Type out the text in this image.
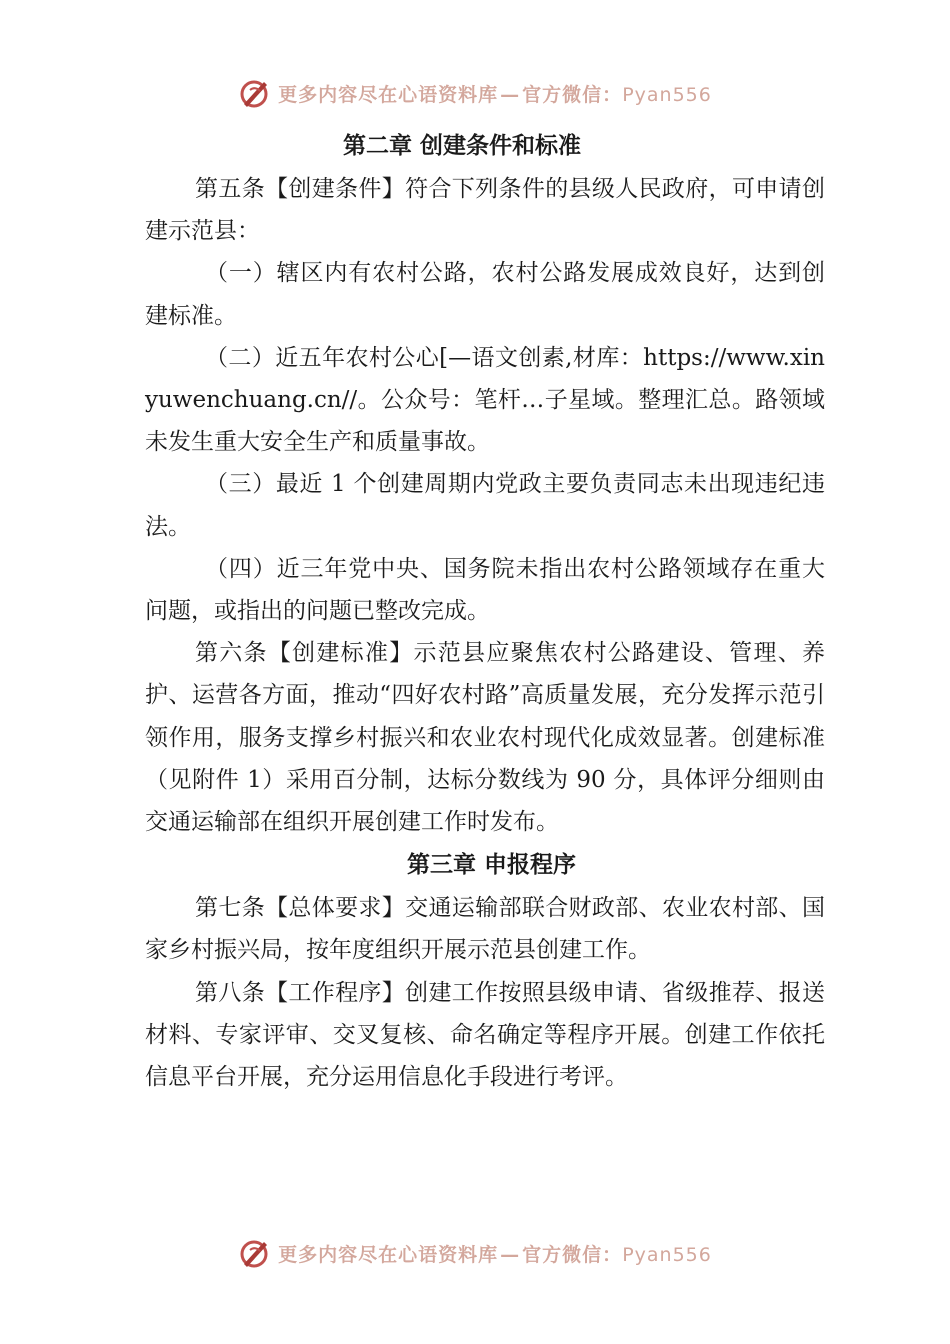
更多内容尽在心语资料库 — 官方微信：Pyan556
第二章 创建条件和标准

第五条【创建条件】符合下列条件的县级人民政府，可申请创建示范县：

（一）辖区内有农村公路，农村公路发展成效良好，达到创建标准。

（二）近五年农村公心[—语文创素,材库：https://www.xinyuwenchuang.cn//。公众号：笔杆…子星域。整理汇总。路领域未发生重大安全生产和质量事故。

（三）最近 1 个创建周期内党政主要负责同志未出现违纪违法。

（四）近三年党中央、国务院未指出农村公路领域存在重大问题，或指出的问题已整改完成。

第六条【创建标准】示范县应聚焦农村公路建设、管理、养护、运营各方面，推动“四好农村路”高质量发展，充分发挥示范引领作用，服务支撑乡村振兴和农业农村现代化成效显著。创建标准（见附件 1）采用百分制，达标分数线为 90 分，具体评分细则由交通运输部在组织开展创建工作时发布。

第三章 申报程序

第七条【总体要求】交通运输部联合财政部、农业农村部、国家乡村振兴局，按年度组织开展示范县创建工作。

第八条【工作程序】创建工作按照县级申请、省级推荐、报送材料、专家评审、交叉复核、命名确定等程序开展。创建工作依托信息平台开展，充分运用信息化手段进行考评。

更多内容尽在心语资料库 — 官方微信：Pyan556
